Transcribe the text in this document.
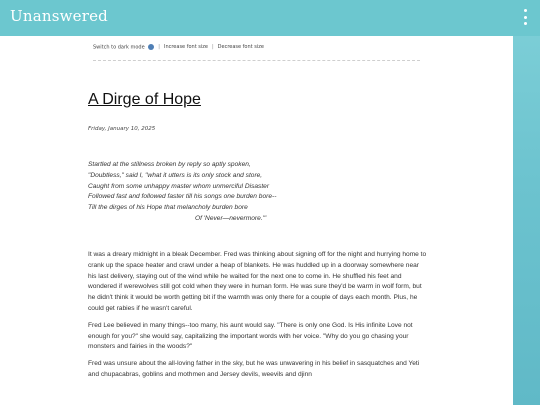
Unanswered
Switch to dark mode	| Increase font size | Decrease font size
A Dirge of Hope
Friday, January 10, 2025
Startled at the stillness broken by reply so aptly spoken,
"Doubtless," said I, "what it utters is its only stock and store,
Caught from some unhappy master whom unmerciful Disaster
Followed fast and followed faster till his songs one burden bore--
Till the dirges of his Hope that melancholy burden bore
Of 'Never—nevermore.'"

It was a dreary midnight in a bleak December. Fred was thinking about signing off for the night and hurrying home to crank up the space heater and crawl under a heap of blankets. He was huddled up in a doorway somewhere near his last delivery, staying out of the wind while he waited for the next one to come in. He shuffled his feet and wondered if werewolves still got cold when they were in human form. He was sure they'd be warm in wolf form, but he didn't think it would be worth getting bit if the warmth was only there for a couple of days each month. Plus, he could get rabies if he wasn't careful.

Fred Lee believed in many things--too many, his aunt would say. "There is only one God. Is His infinite Love not enough for you?" she would say, capitalizing the important words with her voice. "Why do you go chasing your monsters and fairies in the woods?"

Fred was unsure about the all-loving father in the sky, but he was unwavering in his belief in sasquatches and Yeti and chupacabras, goblins and mothmen and Jersey devils, weevils and djinn
